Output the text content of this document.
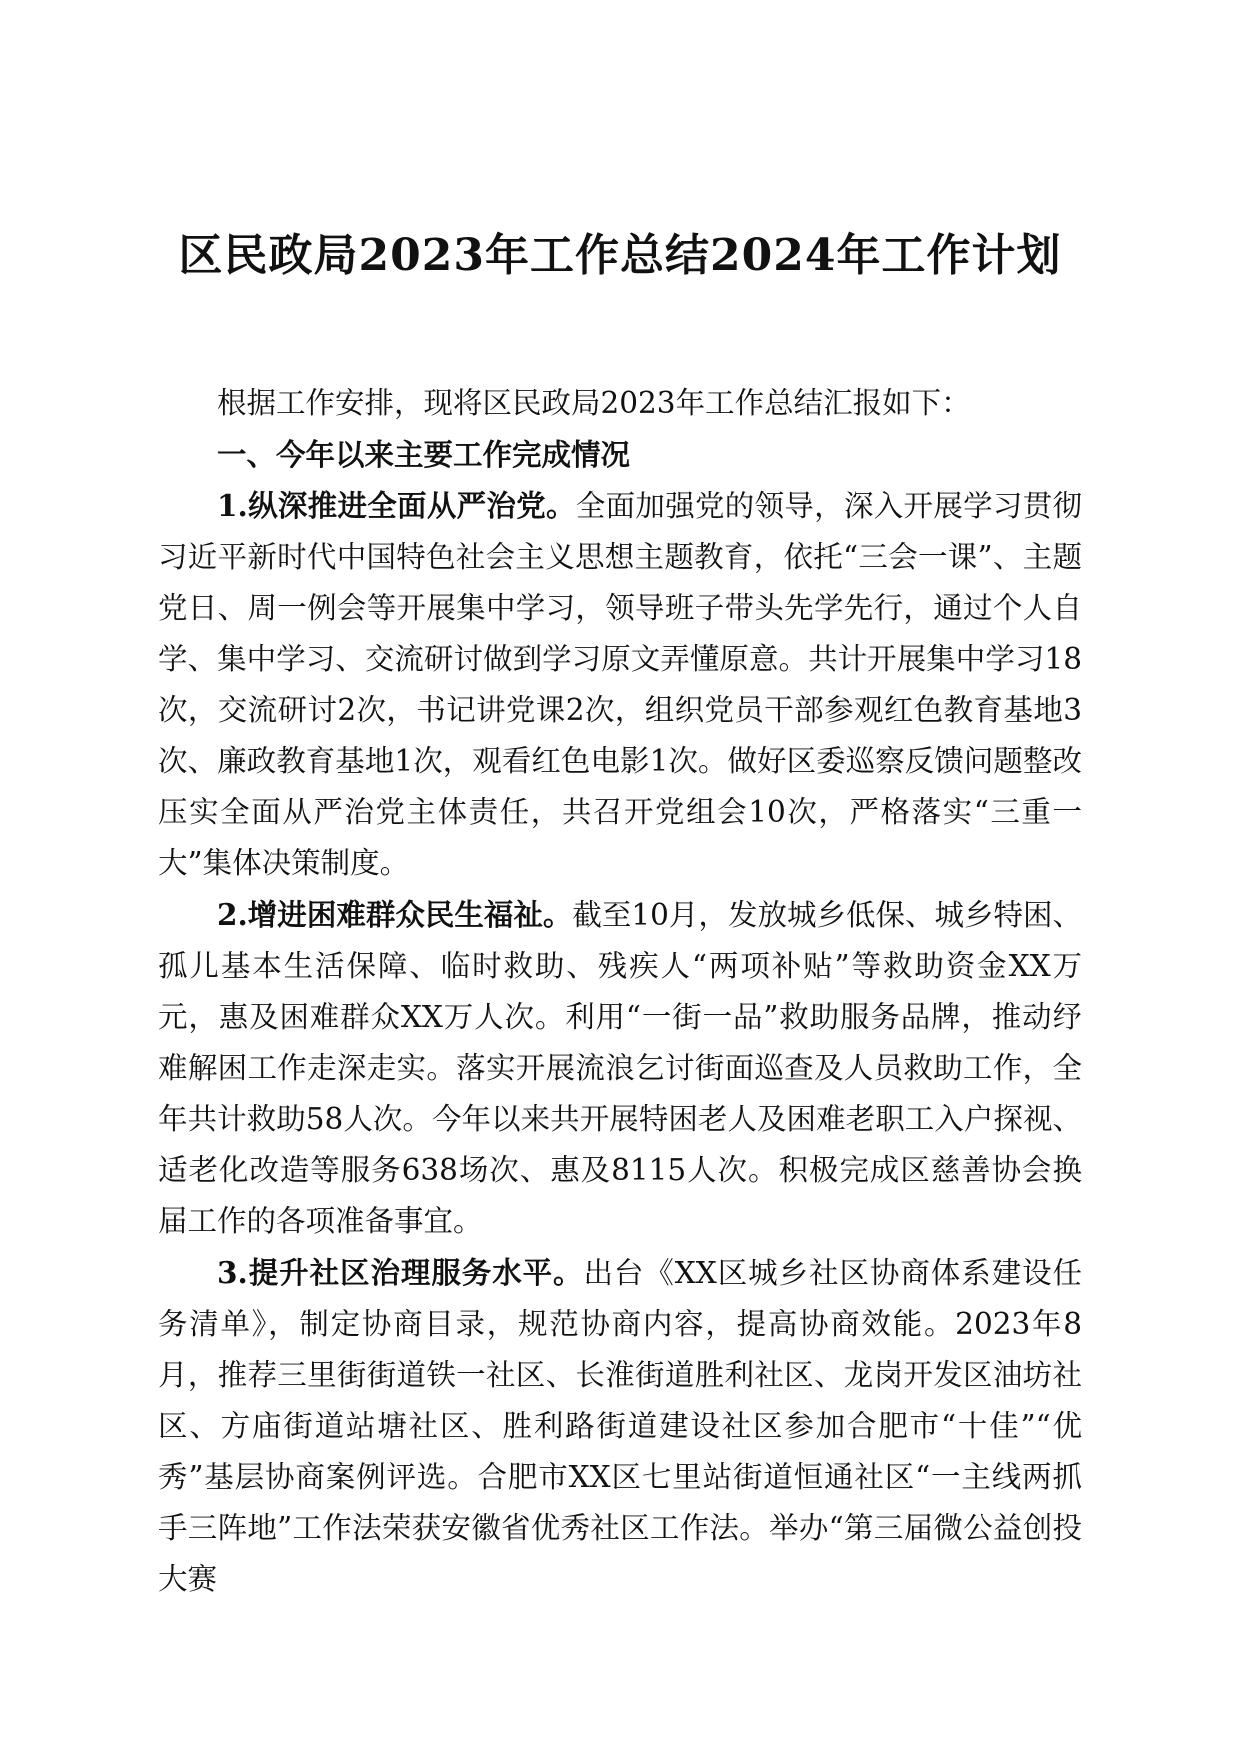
区民政局2023年工作总结2024年工作计划

根据工作安排，现将区民政局2023年工作总结汇报如下：

一、今年以来主要工作完成情况

1.纵深推进全面从严治党。全面加强党的领导，深入开展学习贯彻习近平新时代中国特色社会主义思想主题教育，依托“三会一课”、主题党日、周一例会等开展集中学习，领导班子带头先学先行，通过个人自学、集中学习、交流研讨做到学习原文弄懂原意。共计开展集中学习18次，交流研讨2次，书记讲党课2次，组织党员干部参观红色教育基地3次、廉政教育基地1次，观看红色电影1次。做好区委巡察反馈问题整改压实全面从严治党主体责任，共召开党组会10次，严格落实“三重一大”集体决策制度。

2.增进困难群众民生福祉。截至10月，发放城乡低保、城乡特困、孤儿基本生活保障、临时救助、残疾人“两项补贴”等救助资金XX万元，惠及困难群众XX万人次。利用“一街一品”救助服务品牌，推动纾难解困工作走深走实。落实开展流浪乞讨街面巡查及人员救助工作，全年共计救助58人次。今年以来共开展特困老人及困难老职工入户探视、适老化改造等服务638场次、惠及8115人次。积极完成区慈善协会换届工作的各项准备事宜。

3.提升社区治理服务水平。出台《XX区城乡社区协商体系建设任务清单》，制定协商目录，规范协商内容，提高协商效能。2023年8月，推荐三里街街道铁一社区、长淮街道胜利社区、龙岗开发区油坊社区、方庙街道站塘社区、胜利路街道建设社区参加合肥市“十佳”“优秀”基层协商案例评选。合肥市XX区七里站街道恒通社区“一主线两抓手三阵地”工作法荣获安徽省优秀社区工作法。举办“第三届微公益创投大赛
